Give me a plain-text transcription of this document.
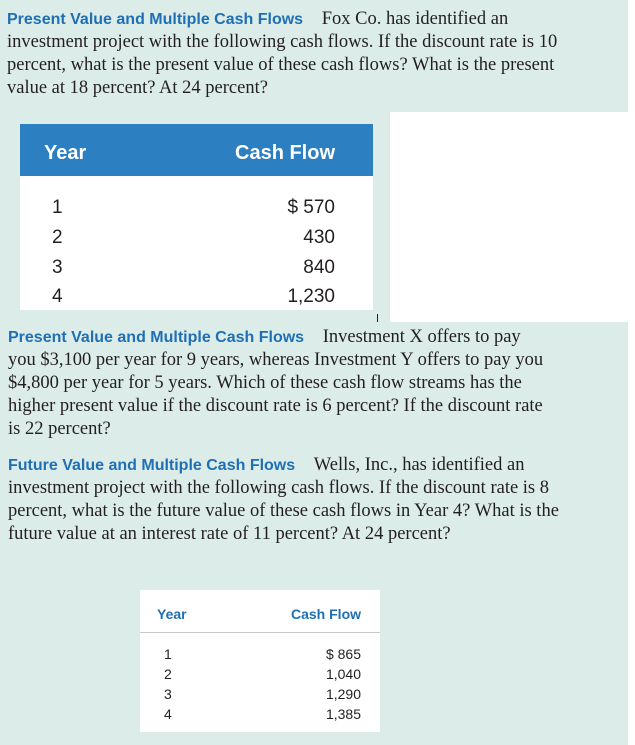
Present Value and Multiple Cash Flows Fox Co. has identified an
investment project with the following cash flows. If the discount rate is 10
percent, what is the present value of these cash flows? What is the present
value at 18 percent? At 24 percent?
Year	Cash Flow
1
2
3
4
$ 570
430
840
1,230
Present Value and Multiple Cash Flows Investment X offers to pay
you $3,100 per year for 9 years, whereas Investment Y offers to pay you
$4,800 per year for 5 years. Which of these cash flow streams has the
higher present value if the discount rate is 6 percent? If the discount rate
is 22 percent?
Future Value and Multiple Cash Flows Wells, Inc., has identified an
investment project with the following cash flows. If the discount rate is 8
percent, what is the future value of these cash flows in Year 4? What is the
future value at an interest rate of 11 percent? At 24 percent?
Year	Cash Flow
1
2
3
4
$ 865
1,040
1,290
1,385
